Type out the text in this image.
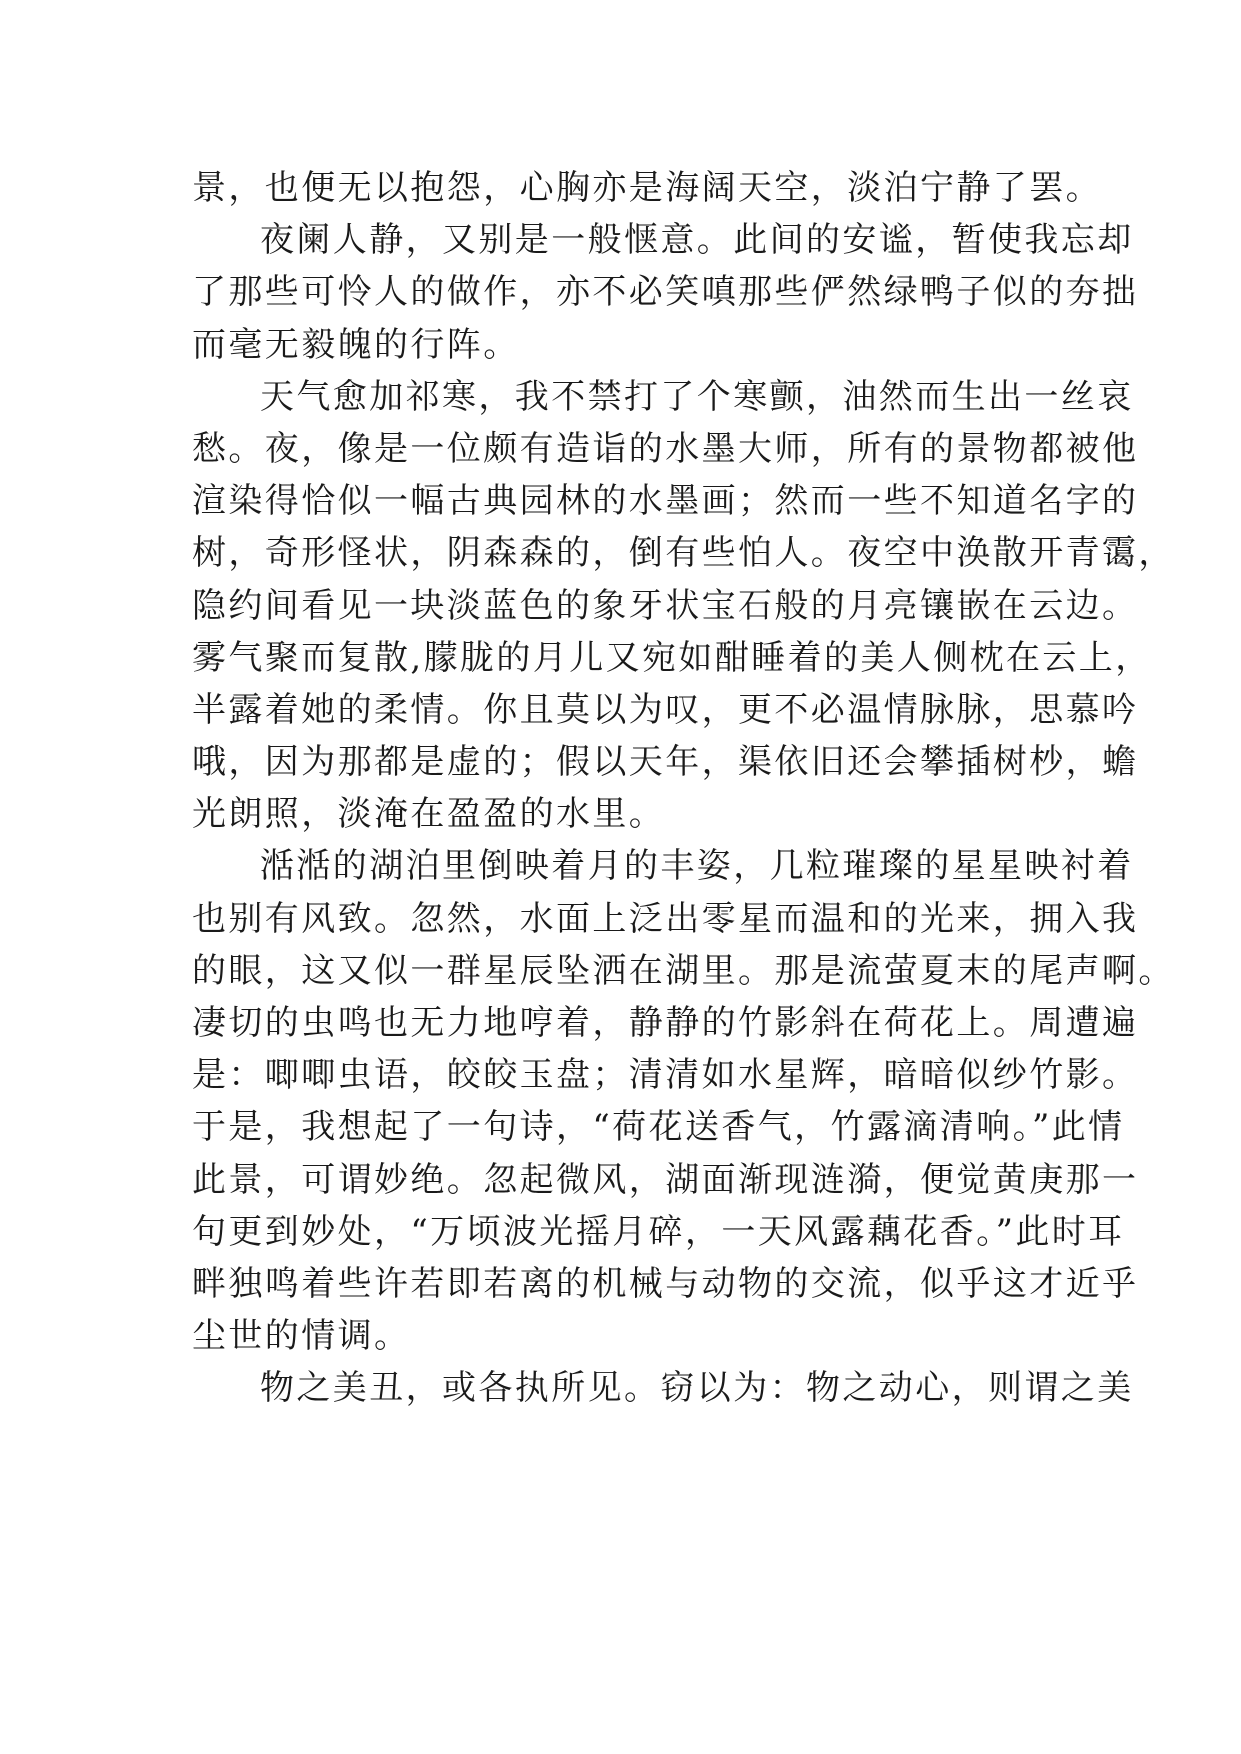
景，也便无以抱怨，心胸亦是海阔天空，淡泊宁静了罢。
夜阑人静，又别是一般惬意。此间的安谧，暂使我忘却
了那些可怜人的做作，亦不必笑嗔那些俨然绿鸭子似的夯拙
而毫无毅魄的行阵。
天气愈加祁寒，我不禁打了个寒颤，油然而生出一丝哀
愁。夜，像是一位颇有造诣的水墨大师，所有的景物都被他
渲染得恰似一幅古典园林的水墨画；然而一些不知道名字的
树，奇形怪状，阴森森的，倒有些怕人。夜空中涣散开青霭，
隐约间看见一块淡蓝色的象牙状宝石般的月亮镶嵌在云边。
雾气聚而复散,朦胧的月儿又宛如酣睡着的美人侧枕在云上，
半露着她的柔情。你且莫以为叹，更不必温情脉脉，思慕吟
哦，因为那都是虚的；假以天年，渠依旧还会攀插树杪，蟾
光朗照，淡淹在盈盈的水里。
湉湉的湖泊里倒映着月的丰姿，几粒璀璨的星星映衬着
也别有风致。忽然，水面上泛出零星而温和的光来，拥入我
的眼，这又似一群星辰坠洒在湖里。那是流萤夏末的尾声啊。
凄切的虫鸣也无力地哼着，静静的竹影斜在荷花上。周遭遍
是：唧唧虫语，皎皎玉盘；清清如水星辉，暗暗似纱竹影。
于是，我想起了一句诗，“荷花送香气，竹露滴清响。”此情
此景，可谓妙绝。忽起微风，湖面渐现涟漪，便觉黄庚那一
句更到妙处，“万顷波光摇月碎，一天风露藕花香。”此时耳
畔独鸣着些许若即若离的机械与动物的交流，似乎这才近乎
尘世的情调。
物之美丑，或各执所见。窃以为：物之动心，则谓之美
